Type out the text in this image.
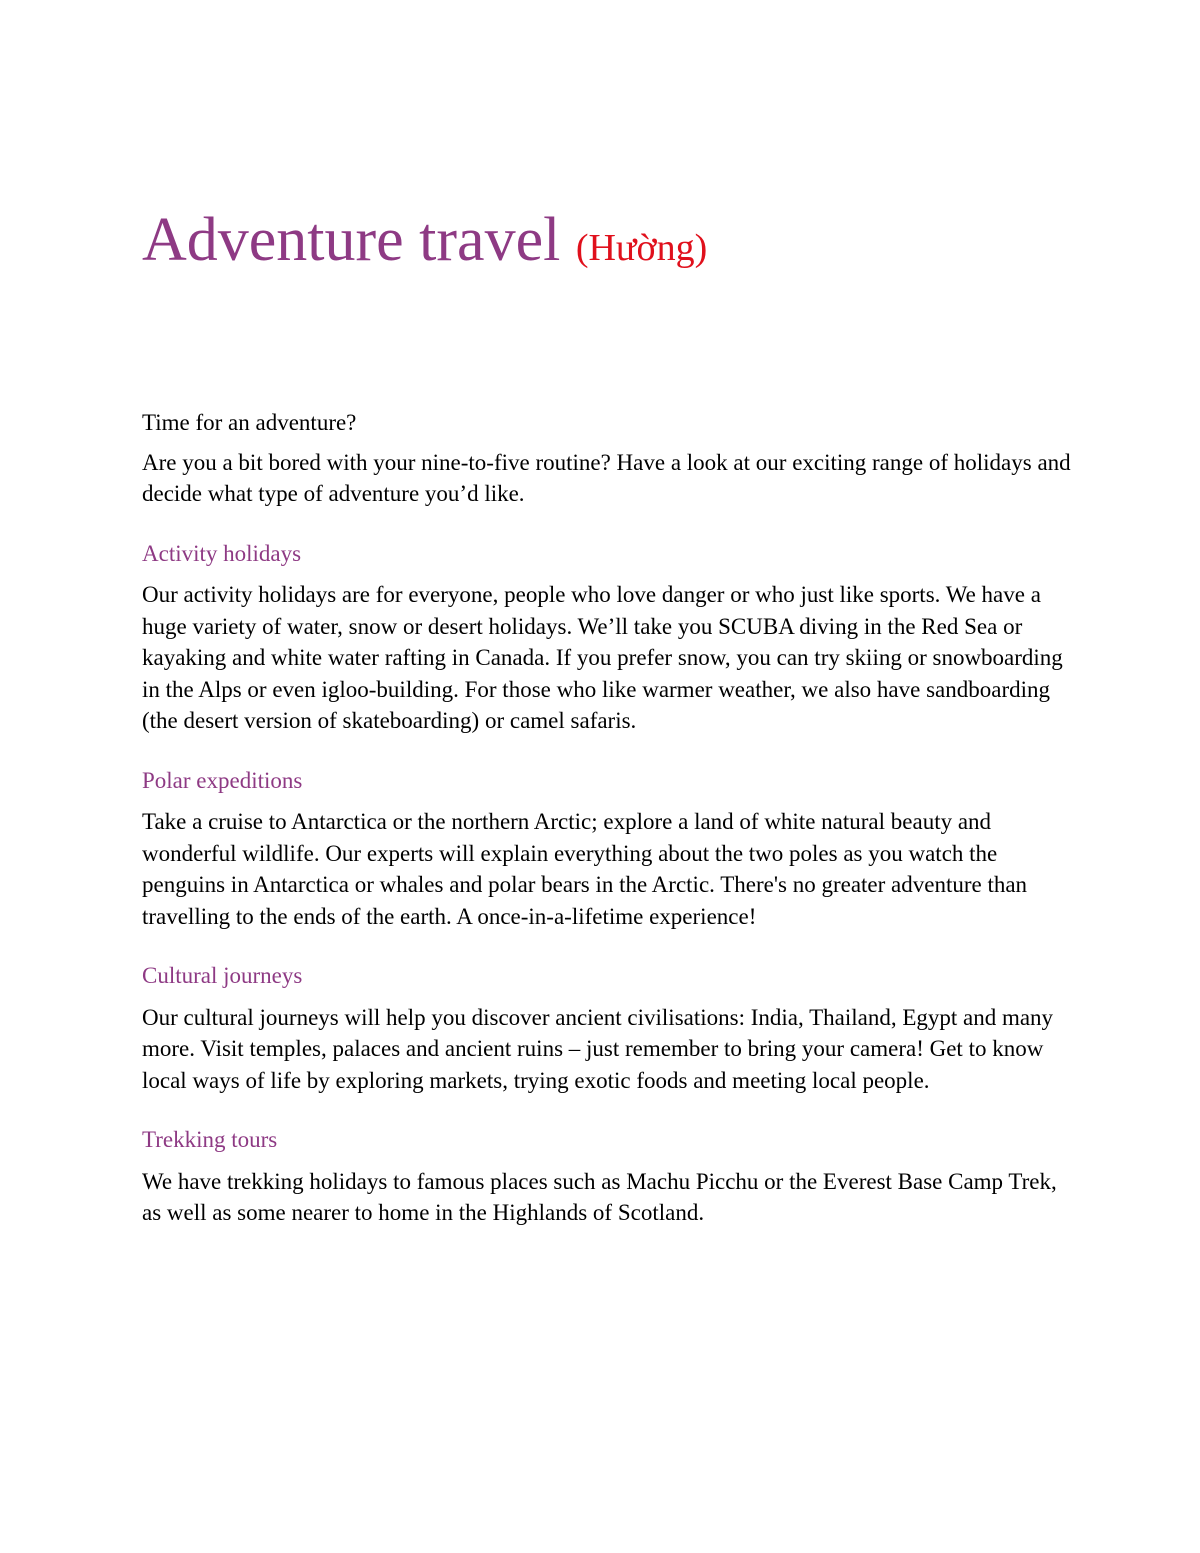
Adventure travel (Hường)

Time for an adventure?

Are you a bit bored with your nine-to-five routine? Have a look at our exciting range of holidays and decide what type of adventure you’d like.

Activity holidays

Our activity holidays are for everyone, people who love danger or who just like sports. We have a huge variety of water, snow or desert holidays. We’ll take you SCUBA diving in the Red Sea or kayaking and white water rafting in Canada. If you prefer snow, you can try skiing or snowboarding in the Alps or even igloo-building. For those who like warmer weather, we also have sandboarding (the desert version of skateboarding) or camel safaris.

Polar expeditions

Take a cruise to Antarctica or the northern Arctic; explore a land of white natural beauty and wonderful wildlife. Our experts will explain everything about the two poles as you watch the penguins in Antarctica or whales and polar bears in the Arctic. There's no greater adventure than travelling to the ends of the earth. A once-in-a-lifetime experience!

Cultural journeys

Our cultural journeys will help you discover ancient civilisations: India, Thailand, Egypt and many more. Visit temples, palaces and ancient ruins – just remember to bring your camera! Get to know local ways of life by exploring markets, trying exotic foods and meeting local people.

Trekking tours

We have trekking holidays to famous places such as Machu Picchu or the Everest Base Camp Trek, as well as some nearer to home in the Highlands of Scotland.
